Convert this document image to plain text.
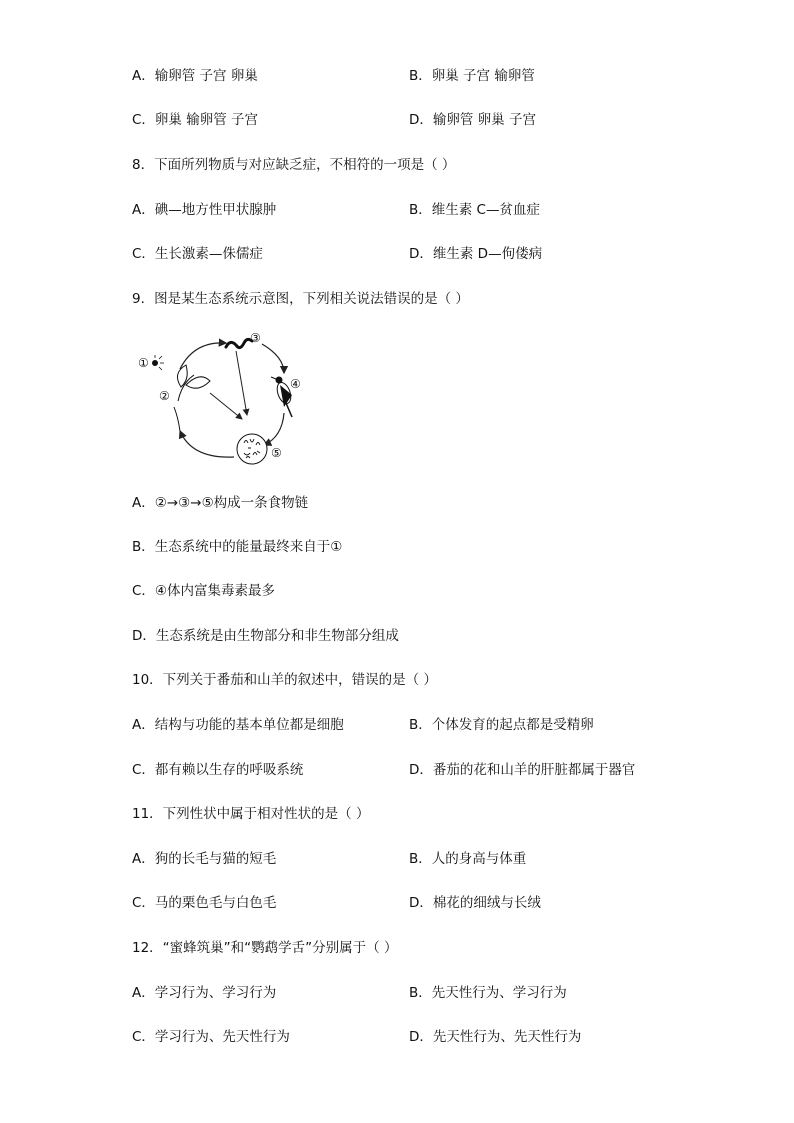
A．输卵管 子宫 卵巢	B．卵巢 子宫 输卵管
C．卵巢 输卵管 子宫	D．输卵管 卵巢 子宫
8．下面所列物质与对应缺乏症，不相符的一项是（ ）
A．碘—地方性甲状腺肿	B．维生素 C—贫血症
C．生长激素—侏儒症	D．维生素 D—佝偻病
9．图是某生态系统示意图，下列相关说法错误的是（ ）
①
②
③
④
⑤
A．②→③→⑤构成一条食物链
B．生态系统中的能量最终来自于①
C．④体内富集毒素最多
D．生态系统是由生物部分和非生物部分组成
10．下列关于番茄和山羊的叙述中，错误的是（ ）
A．结构与功能的基本单位都是细胞	B．个体发育的起点都是受精卵
C．都有赖以生存的呼吸系统	D．番茄的花和山羊的肝脏都属于器官
11．下列性状中属于相对性状的是（ ）
A．狗的长毛与猫的短毛	B．人的身高与体重
C．马的栗色毛与白色毛	D．棉花的细绒与长绒
12．“蜜蜂筑巢”和“鹦鹉学舌”分别属于（ ）
A．学习行为、学习行为	B．先天性行为、学习行为
C．学习行为、先天性行为	D．先天性行为、先天性行为
